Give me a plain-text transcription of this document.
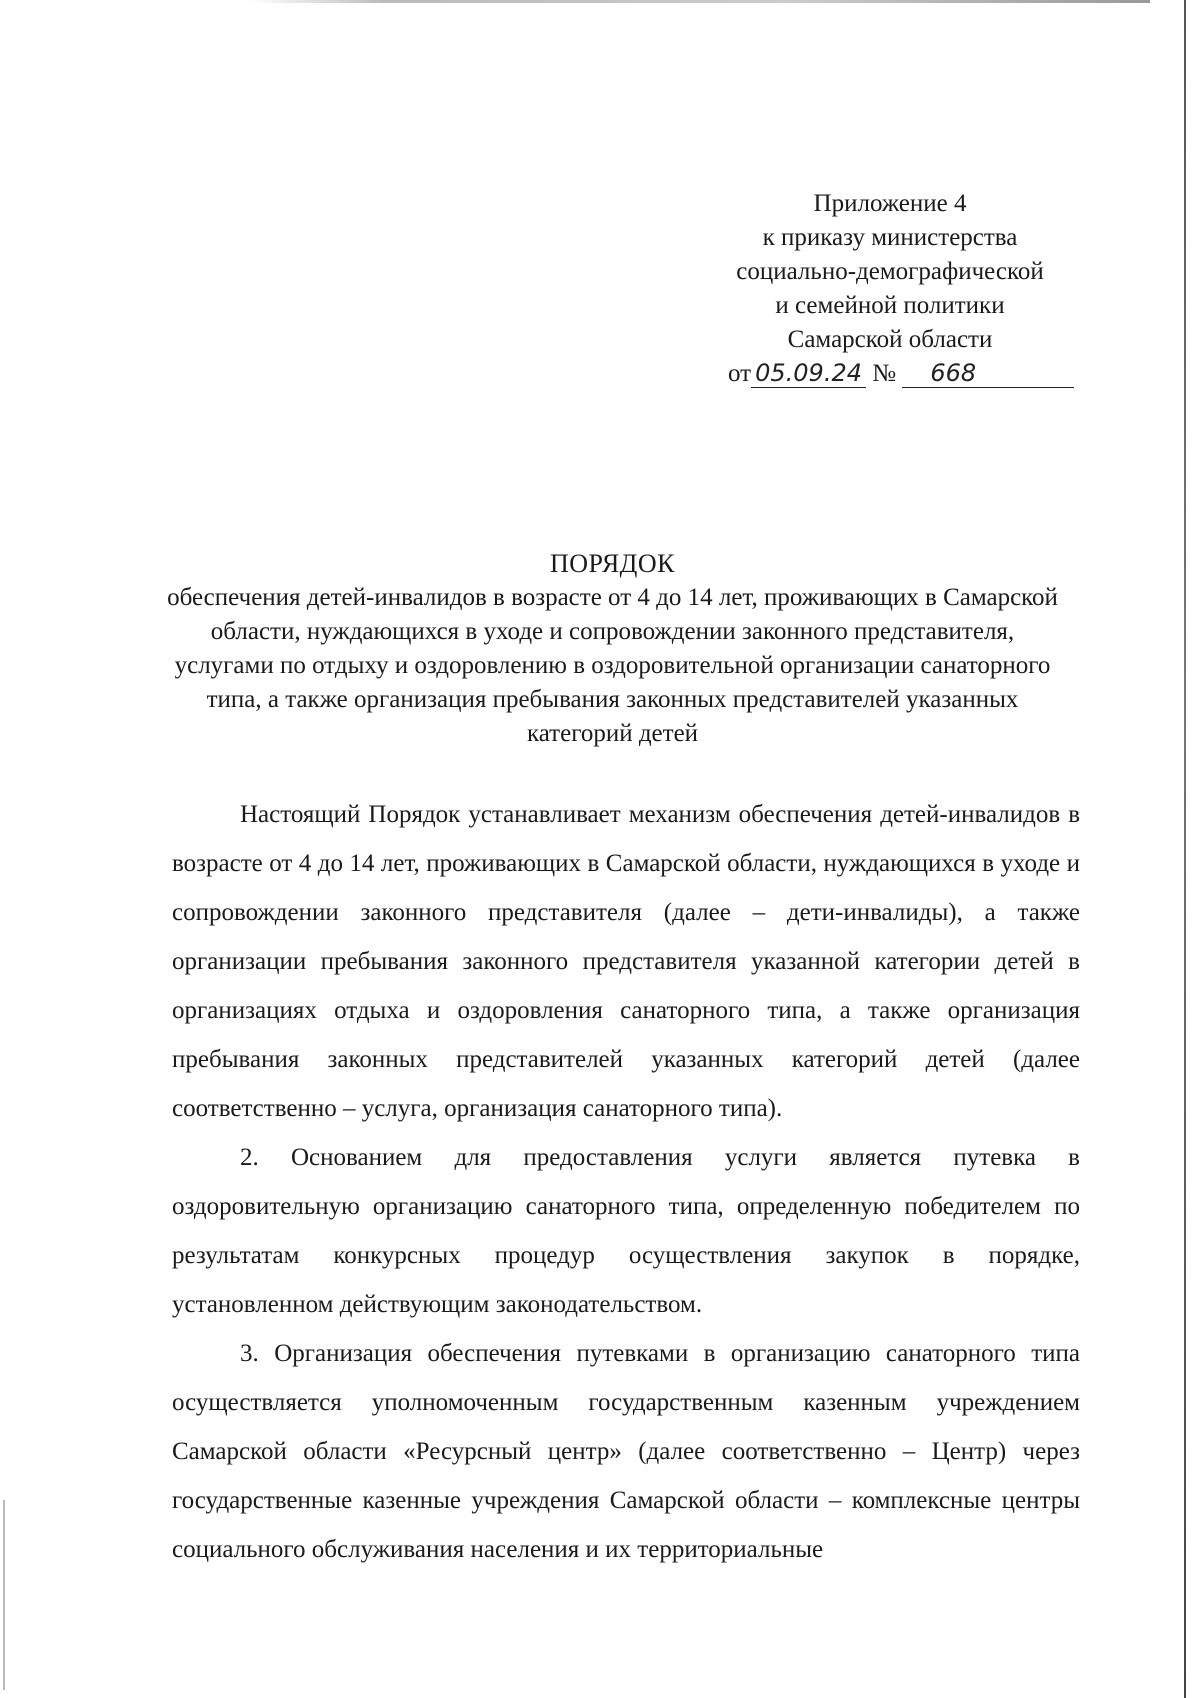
Приложение 4
к приказу министерства
социально-демографической
и семейной политики
Самарской области
от 05.09.24 № 668
ПОРЯДОК
обеспечения детей-инвалидов в возрасте от 4 до 14 лет, проживающих в Самарской области, нуждающихся в уходе и сопровождении законного представителя, услугами по отдыху и оздоровлению в оздоровительной организации санаторного типа, а также организация пребывания законных представителей указанных категорий детей

Настоящий Порядок устанавливает механизм обеспечения детей-инвалидов в возрасте от 4 до 14 лет, проживающих в Самарской области, нуждающихся в уходе и сопровождении законного представителя (далее – дети-инвалиды), а также организации пребывания законного представителя указанной категории детей в организациях отдыха и оздоровления санаторного типа, а также организация пребывания законных представителей указанных категорий детей (далее соответственно – услуга, организация санаторного типа).

2. Основанием для предоставления услуги является путевка в оздоровительную организацию санаторного типа, определенную победителем по результатам конкурсных процедур осуществления закупок в порядке, установленном действующим законодательством.

3. Организация обеспечения путевками в организацию санаторного типа осуществляется уполномоченным государственным казенным учреждением Самарской области «Ресурсный центр» (далее соответственно – Центр) через государственные казенные учреждения Самарской области – комплексные центры социального обслуживания населения и их территориальные
